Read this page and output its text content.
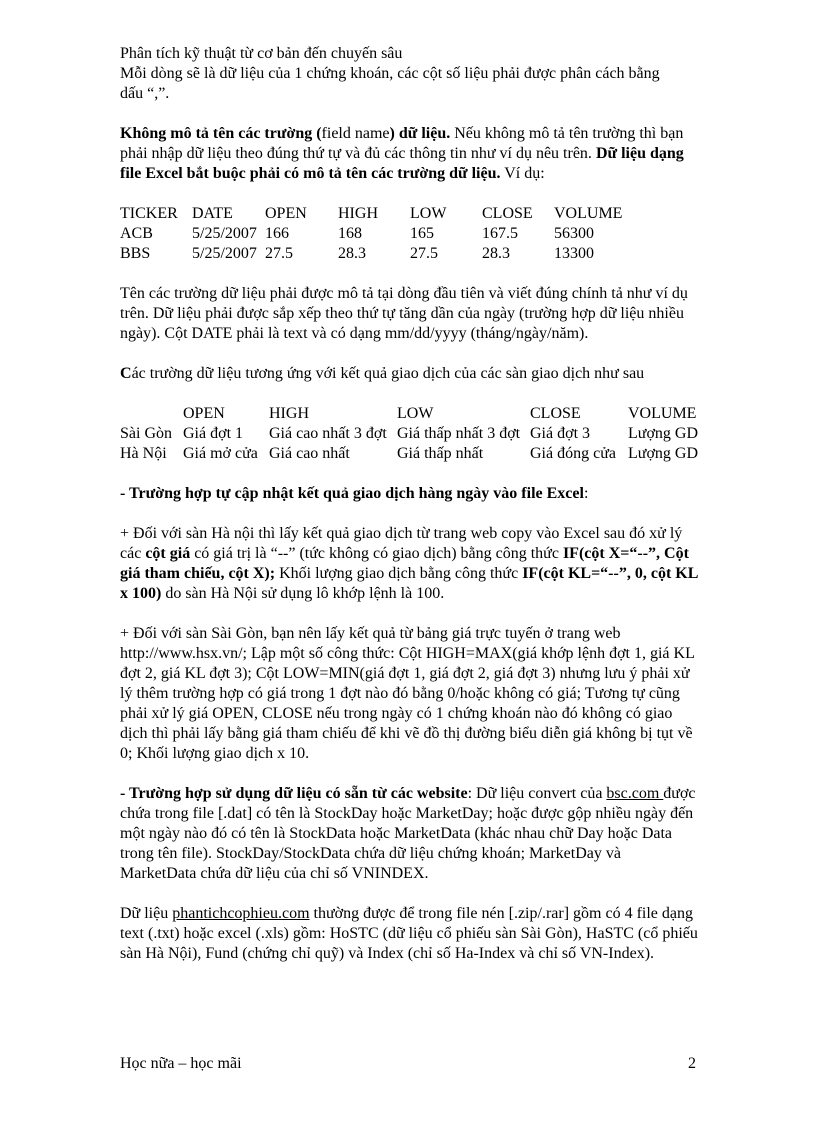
Phân tích kỹ thuật từ cơ bản đến chuyến sâu

Mỗi dòng sẽ là dữ liệu của 1 chứng khoán, các cột số liệu phải được phân cách bằng

dấu “,”.

Không mô tả tên các trường (field name) dữ liệu. Nếu không mô tả tên trường thì bạn phải nhập dữ liệu theo đúng thứ tự và đủ các thông tin như ví dụ nêu trên. Dữ liệu dạng file Excel bắt buộc phải có mô tả tên các trường dữ liệu. Ví dụ:

TICKER	DATE	OPEN	HIGH	LOW	CLOSE	VOLUME
ACB	5/25/2007	166	168	165	167.5	56300
BBS	5/25/2007	27.5	28.3	27.5	28.3	13300

Tên các trường dữ liệu phải được mô tả tại dòng đầu tiên và viết đúng chính tả như ví dụ trên. Dữ liệu phải được sắp xếp theo thứ tự tăng dần của ngày (trường hợp dữ liệu nhiều ngày). Cột DATE phải là text và có dạng mm/dd/yyyy (tháng/ngày/năm).

Các trường dữ liệu tương ứng với kết quả giao dịch của các sàn giao dịch như sau

	OPEN	HIGH	LOW	CLOSE	VOLUME
Sài Gòn	Giá đợt 1	Giá cao nhất 3 đợt	Giá thấp nhất 3 đợt	Giá đợt 3	Lượng GD
Hà Nội	Giá mở cửa	Giá cao nhất	Giá thấp nhất	Giá đóng cửa	Lượng GD

- Trường hợp tự cập nhật kết quả giao dịch hàng ngày vào file Excel:

+ Đối với sàn Hà nội thì lấy kết quả giao dịch từ trang web copy vào Excel sau đó xử lý các cột giá có giá trị là “--” (tức không có giao dịch) bằng công thức IF(cột X=“--”, Cột giá tham chiếu, cột X); Khối lượng giao dịch bằng công thức IF(cột KL=“--”, 0, cột KL x 100) do sàn Hà Nội sử dụng lô khớp lệnh là 100.

+ Đối với sàn Sài Gòn, bạn nên lấy kết quả từ bảng giá trực tuyến ở trang web http://www.hsx.vn/; Lập một số công thức: Cột HIGH=MAX(giá khớp lệnh đợt 1, giá KL đợt 2, giá KL đợt 3); Cột LOW=MIN(giá đợt 1, giá đợt 2, giá đợt 3) nhưng lưu ý phải xử lý thêm trường hợp có giá trong 1 đợt nào đó bằng 0/hoặc không có giá; Tương tự cũng phải xử lý giá OPEN, CLOSE nếu trong ngày có 1 chứng khoán nào đó không có giao dịch thì phải lấy bằng giá tham chiếu để khi vẽ đồ thị đường biểu diễn giá không bị tụt về 0; Khối lượng giao dịch x 10.

- Trường hợp sử dụng dữ liệu có sẵn từ các website: Dữ liệu convert của bsc.com được chứa trong file [.dat] có tên là StockDay hoặc MarketDay; hoặc được gộp nhiều ngày đến một ngày nào đó có tên là StockData hoặc MarketData (khác nhau chữ Day hoặc Data trong tên file). StockDay/StockData chứa dữ liệu chứng khoán; MarketDay và MarketData chứa dữ liệu của chỉ số VNINDEX.

Dữ liệu phantichcophieu.com thường được để trong file nén [.zip/.rar] gồm có 4 file dạng text (.txt) hoặc excel (.xls) gồm: HoSTC (dữ liệu cổ phiếu sàn Sài Gòn), HaSTC (cổ phiếu sàn Hà Nội), Fund (chứng chỉ quỹ) và Index (chỉ số Ha-Index và chỉ số VN-Index).

Học nữa – học mãi	2
